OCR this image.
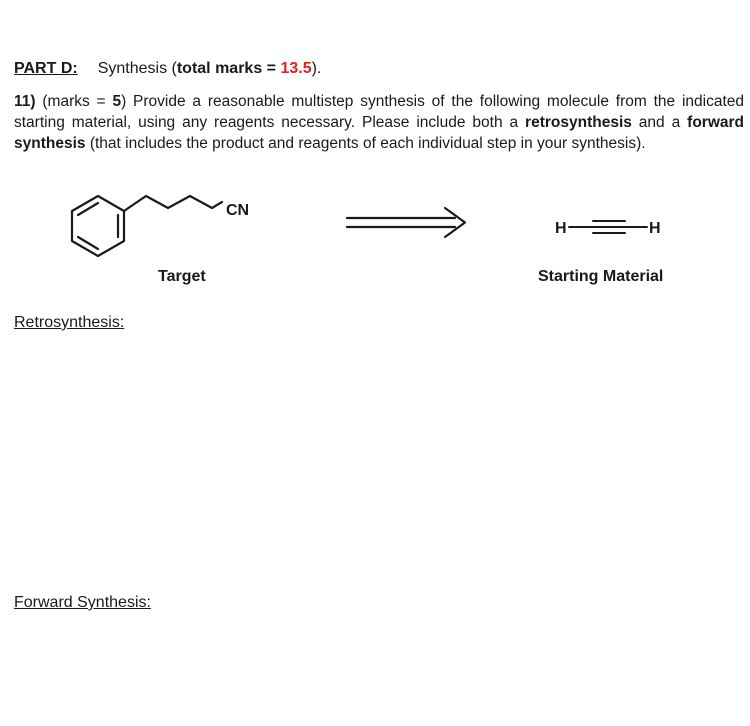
PART D: Synthesis (total marks = 13.5).
11) (marks = 5) Provide a reasonable multistep synthesis of the following molecule from the indicated starting material, using any reagents necessary. Please include both a retrosynthesis and a forward synthesis (that includes the product and reagents of each individual step in your synthesis).
CN
H	H
Target	Starting Material
Retrosynthesis:
Forward Synthesis:
